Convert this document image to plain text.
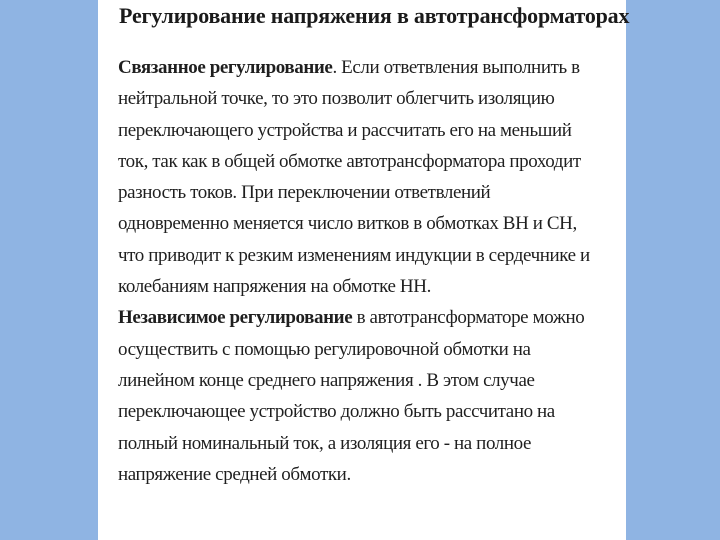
Регулирование напряжения в автотрансформаторах
Связанное регулирование. Если ответвления выполнить в
нейтральной точке, то это позволит облегчить изоляцию
переключающего устройства и рассчитать его на меньший
ток, так как в общей обмотке автотрансформатора проходит
разность токов. При переключении ответвлений
одновременно меняется число витков в обмотках ВН и СН,
что приводит к резким изменениям индукции в сердечнике и
колебаниям напряжения на обмотке НН.
Независимое регулирование в автотрансформаторе можно
осуществить с помощью регулировочной обмотки на
линейном конце среднего напряжения . В этом случае
переключающее устройство должно быть рассчитано на
полный номинальный ток, а изоляция его - на полное
напряжение средней обмотки.
